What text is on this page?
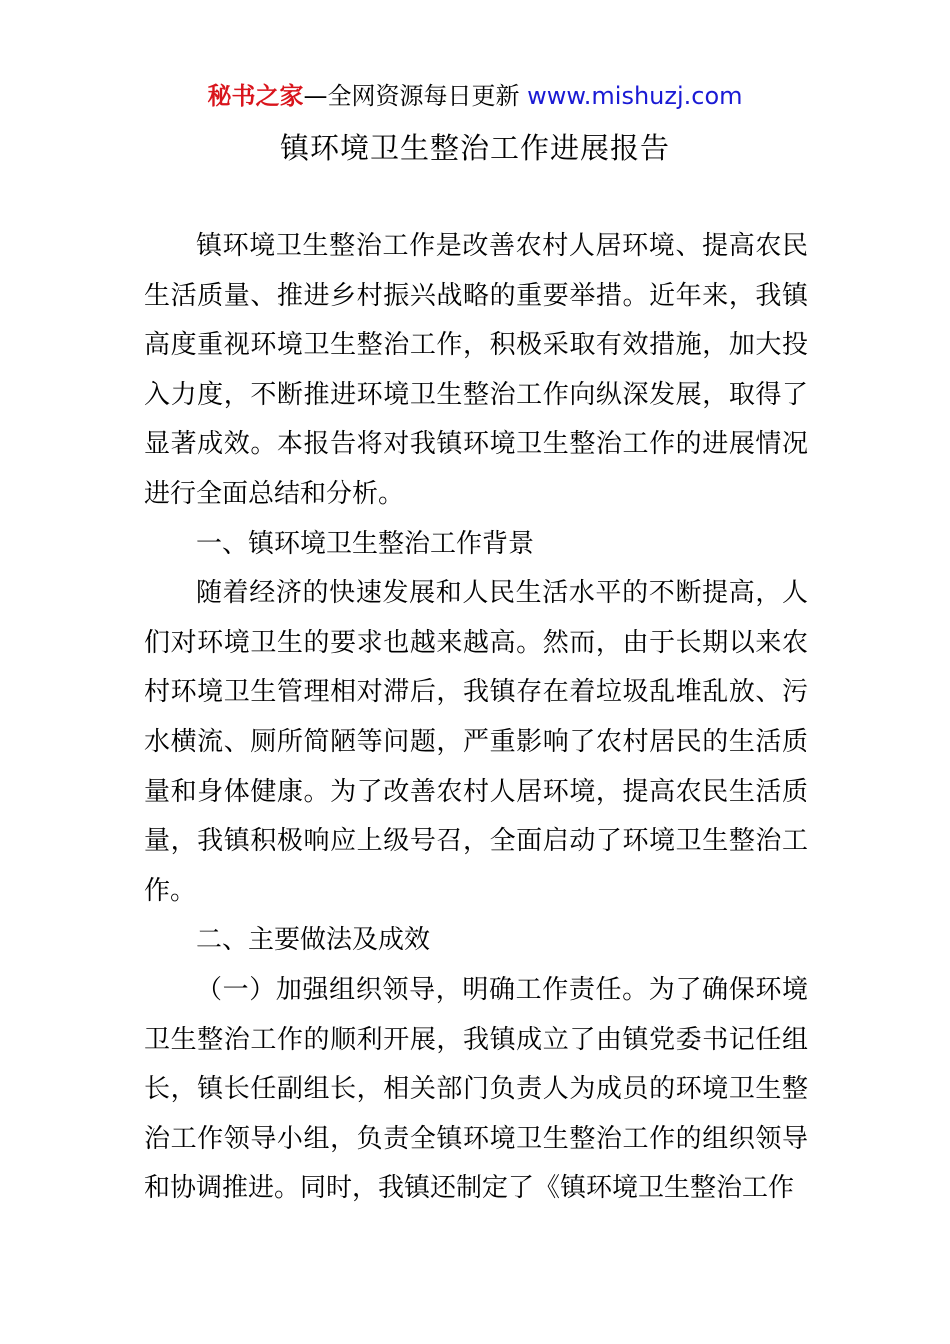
秘书之家—全网资源每日更新 www.mishuzj.com
镇环境卫生整治工作进展报告

镇环境卫生整治工作是改善农村人居环境、提高农民生活质量、推进乡村振兴战略的重要举措。近年来，我镇高度重视环境卫生整治工作，积极采取有效措施，加大投入力度，不断推进环境卫生整治工作向纵深发展，取得了显著成效。本报告将对我镇环境卫生整治工作的进展情况进行全面总结和分析。

一、镇环境卫生整治工作背景

随着经济的快速发展和人民生活水平的不断提高，人们对环境卫生的要求也越来越高。然而，由于长期以来农村环境卫生管理相对滞后，我镇存在着垃圾乱堆乱放、污水横流、厕所简陋等问题，严重影响了农村居民的生活质量和身体健康。为了改善农村人居环境，提高农民生活质量，我镇积极响应上级号召，全面启动了环境卫生整治工作。

二、主要做法及成效

（一）加强组织领导，明确工作责任。为了确保环境卫生整治工作的顺利开展，我镇成立了由镇党委书记任组长，镇长任副组长，相关部门负责人为成员的环境卫生整治工作领导小组，负责全镇环境卫生整治工作的组织领导和协调推进。同时，我镇还制定了《镇环境卫生整治工作
